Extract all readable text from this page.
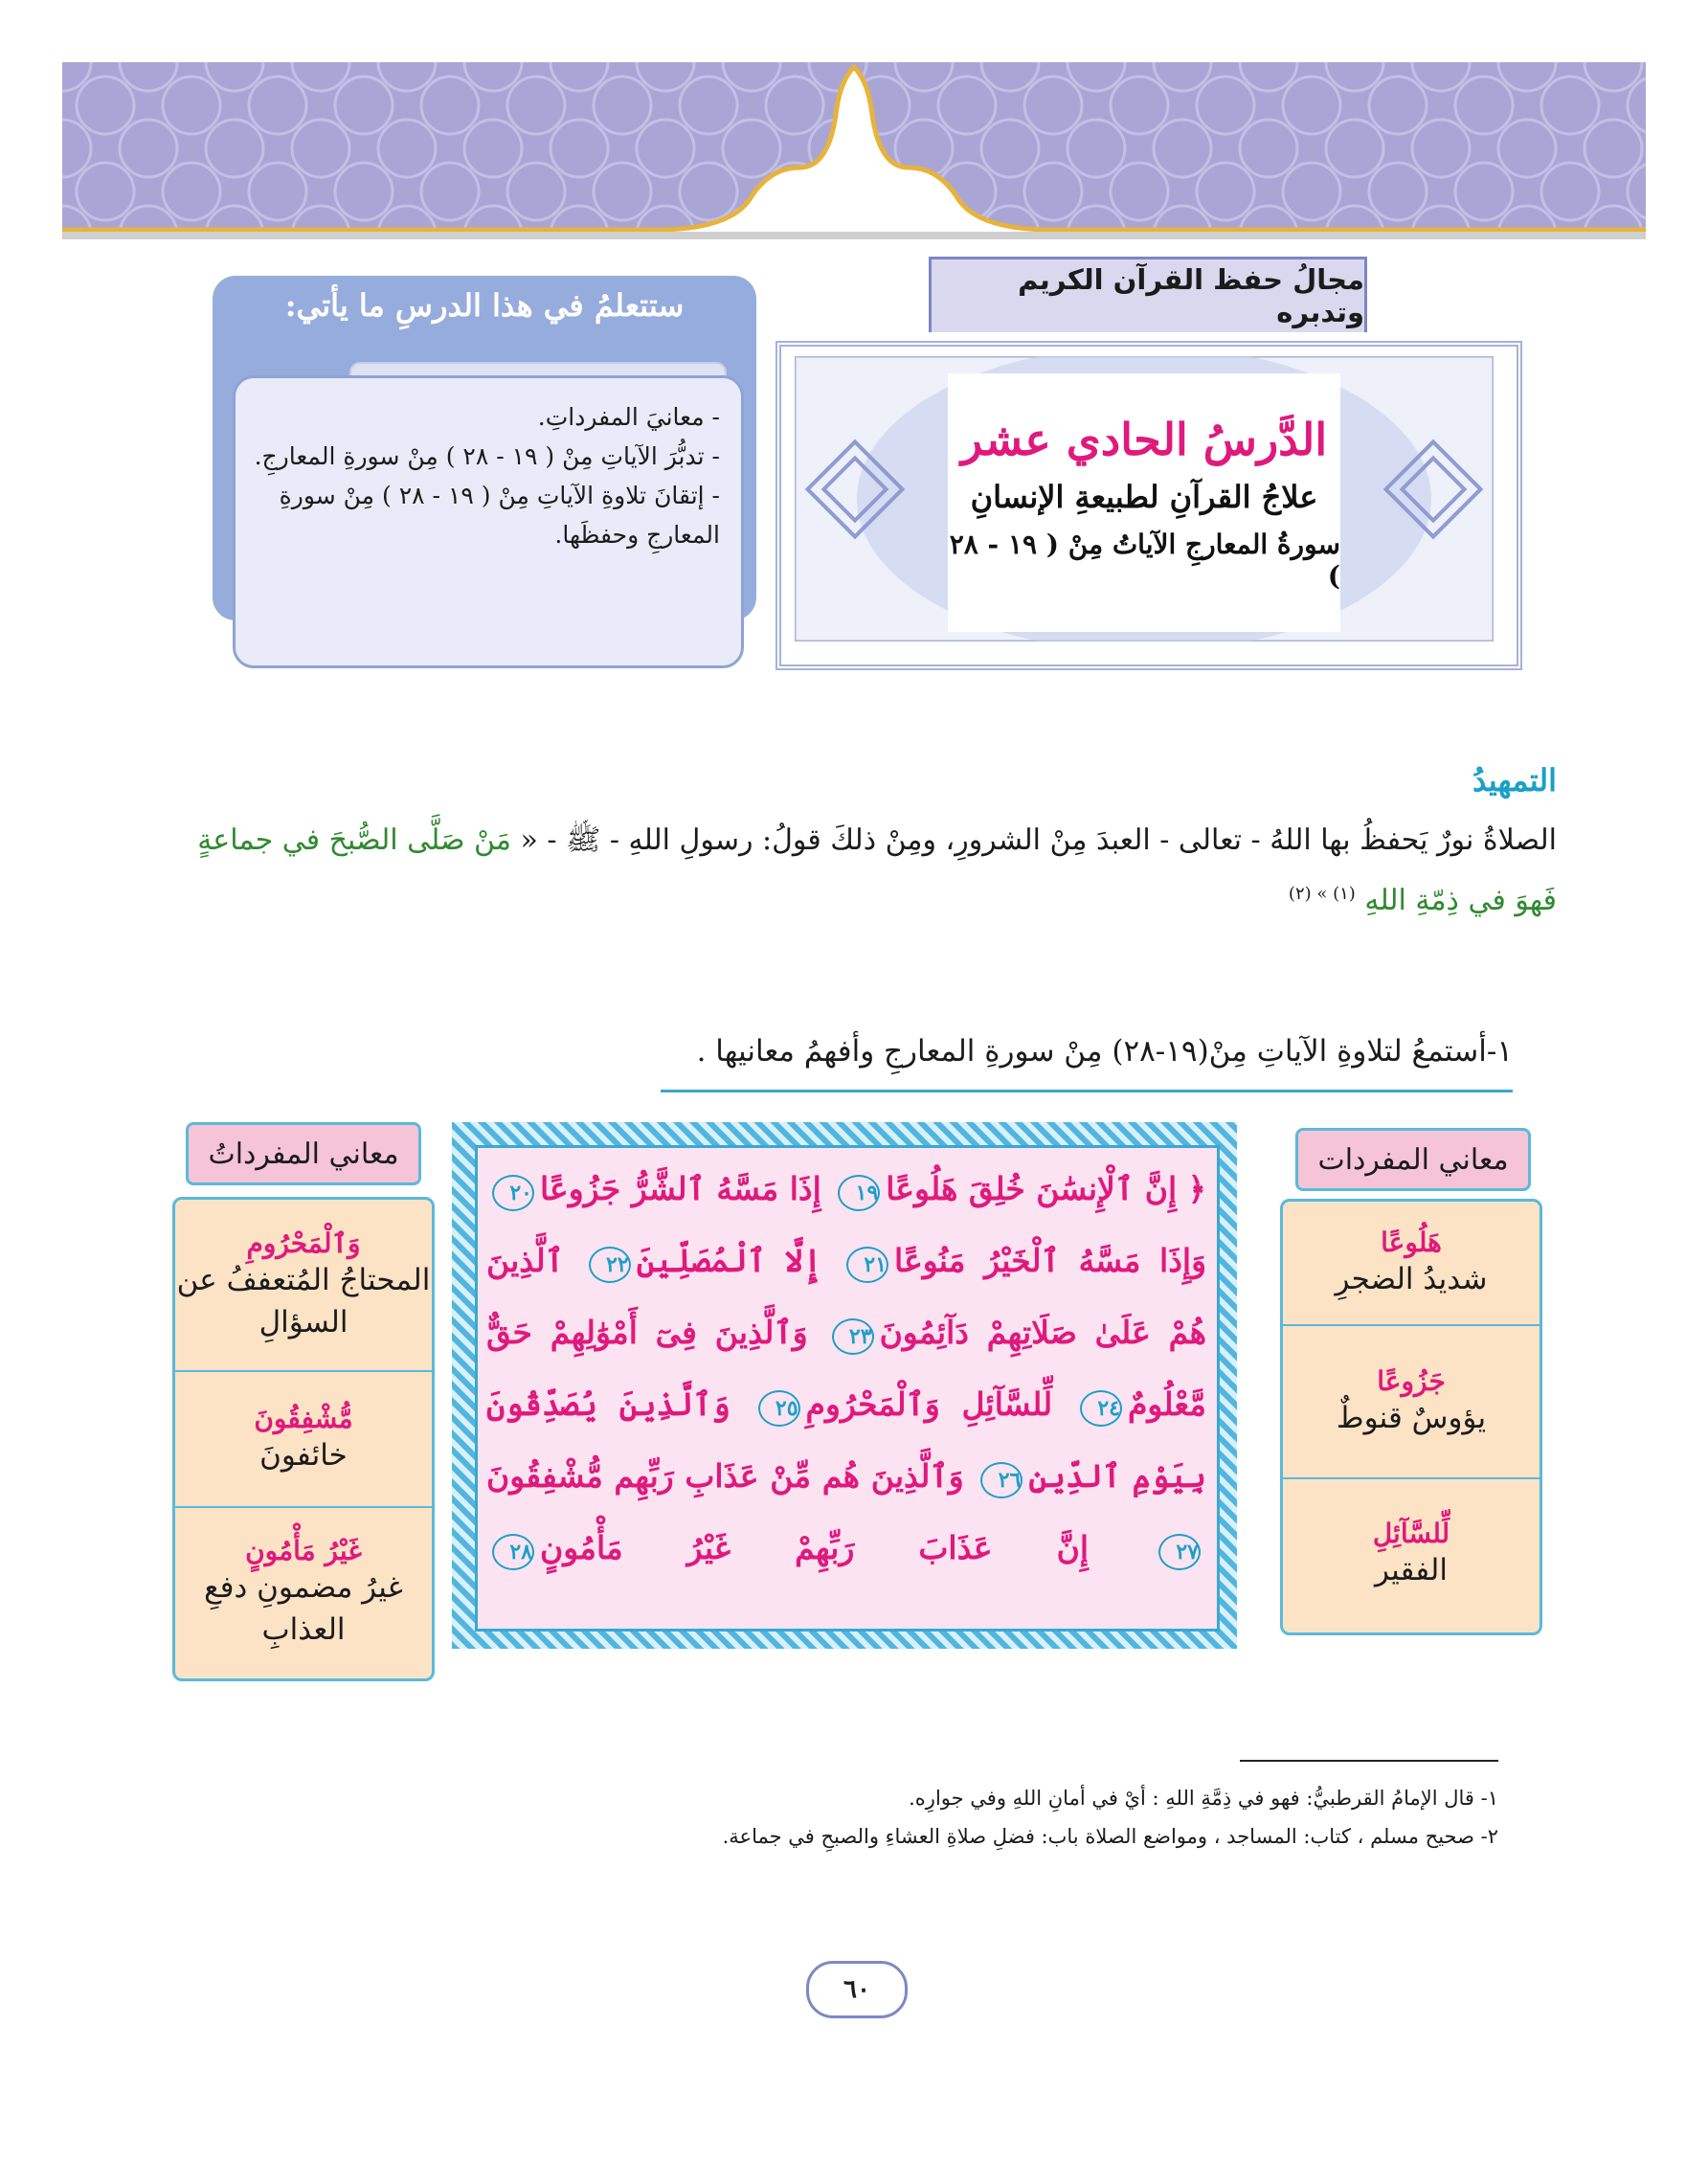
مجالُ حفظ القرآن الكريم وتدبره
الدَّرسُ الحادي عشر
علاجُ القرآنِ لطبيعةِ الإنسانِ
سورةُ المعارجِ الآياتُ مِنْ ( ١٩ - ٢٨ )
ستتعلمُ في هذا الدرسِ ما يأتي:
- معانيَ المفرداتِ.
- تدبُّرَ الآياتِ مِنْ ( ١٩ - ٢٨ ) مِنْ سورةِ المعارجِ.
- إتقانَ تلاوةِ الآياتِ مِنْ ( ١٩ - ٢٨ ) مِنْ سورةِ المعارجِ وحفظَها.
التمهيدُ
الصلاةُ نورٌ يَحفظُ بها اللهُ - تعالى - العبدَ مِنْ الشرورِ، ومِنْ ذلكَ قولُ: رسولِ اللهِ - ﷺ - « مَنْ صَلَّى الصُّبحَ في جماعةٍ فَهوَ في ذِمّةِ اللهِ $^{(١) » (٢)}$
١-أستمعُ لتلاوةِ الآياتِ مِنْ(١٩-٢٨) مِنْ سورةِ المعارجِ وأفهمُ معانيها .
معاني المفردات
هَلُوعًا
شديدُ الضجرِ
جَزُوعًا
يؤوسٌ قنوطٌ
لِّلسَّآئِلِ
الفقير
﴿ إِنَّ ٱلْإِنسَٰنَ خُلِقَ هَلُوعًا١٩ إِذَا مَسَّهُ ٱلشَّرُّ جَزُوعًا٢٠ وَإِذَا مَسَّهُ ٱلْخَيْرُ مَنُوعًا٢١ إِلَّا ٱلْمُصَلِّينَ٢٢ ٱلَّذِينَ هُمْ عَلَىٰ صَلَاتِهِمْ دَآئِمُونَ٢٣ وَٱلَّذِينَ فِىٓ أَمْوَٰلِهِمْ حَقٌّ مَّعْلُومٌ٢٤ لِّلسَّآئِلِ وَٱلْمَحْرُومِ٢٥ وَٱلَّذِينَ يُصَدِّقُونَ بِيَوْمِ ٱلدِّينِ٢٦ وَٱلَّذِينَ هُم مِّنْ عَذَابِ رَبِّهِم مُّشْفِقُونَ٢٧ إِنَّ عَذَابَ رَبِّهِمْ غَيْرُ مَأْمُونٍ٢٨
معاني المفرداتُ
وَٱلْمَحْرُومِ
المحتاجُ المُتعففُ عن السؤالِ
مُّشْفِقُونَ
خائفونَ
غَيْرُ مَأْمُونٍ
غيرُ مضمونِ دفعِ العذابِ
١- قال الإمامُ القرطبيُّ: فهو في ذِمَّةِ اللهِ : أيْ في أمانِ اللهِ وفي جوارِه.
٢- صحيح مسلم ، كتاب: المساجد ، ومواضع الصلاة باب: فضلِ صلاةِ العشاءِ والصبحِ في جماعة.
٦٠
